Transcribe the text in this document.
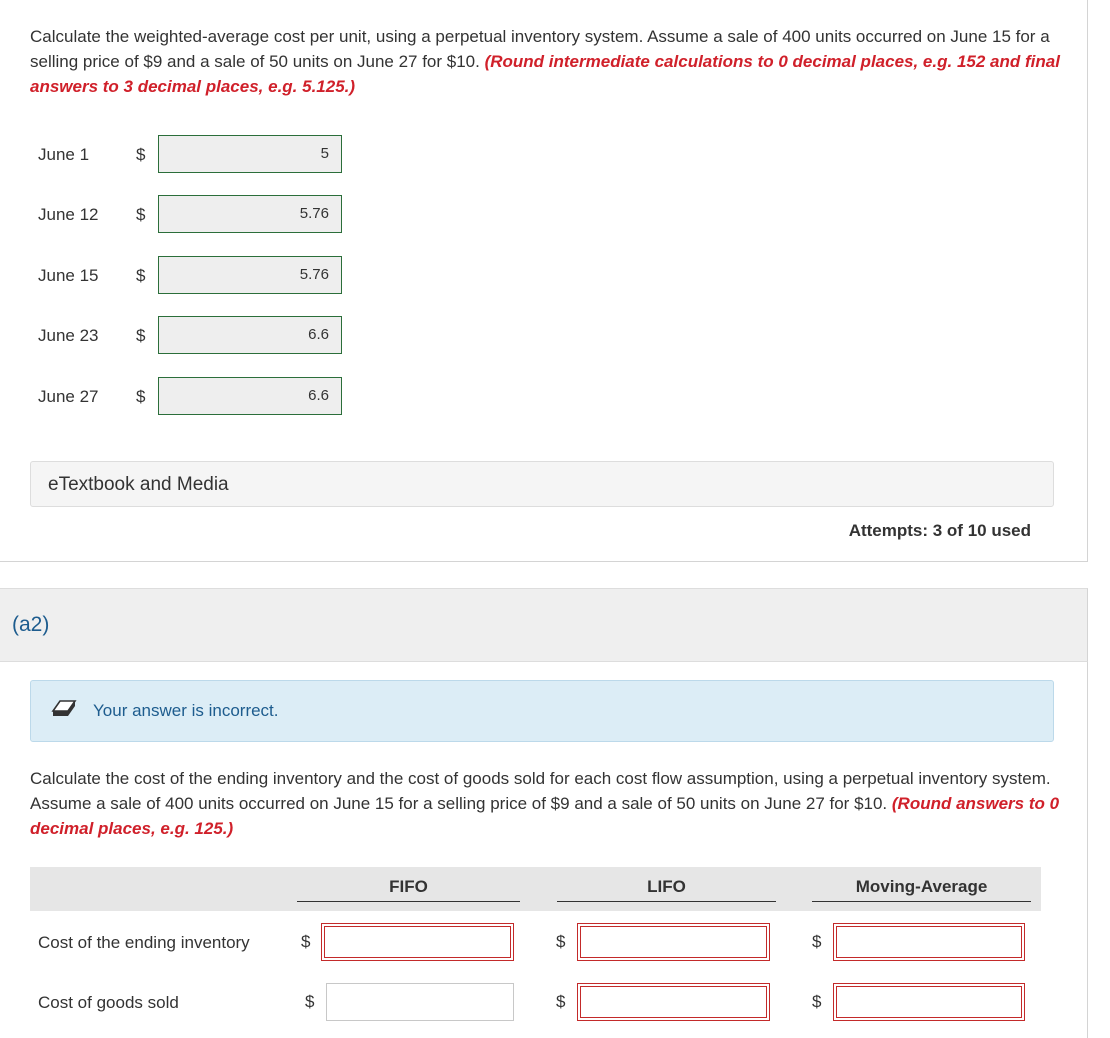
Calculate the weighted-average cost per unit, using a perpetual inventory system. Assume a sale of 400 units occurred on June 15 for a selling price of $9 and a sale of 50 units on June 27 for $10. (Round intermediate calculations to 0 decimal places, e.g. 152 and final answers to 3 decimal places, e.g. 5.125.)

June 1	$	5
June 12 $	5.76
June 15 $	5.76
June 23 $	6.6
June 27 $	6.6
eTextbook and Media
Attempts: 3 of 10 used
(a2)
Your answer is incorrect.

Calculate the cost of the ending inventory and the cost of goods sold for each cost flow assumption, using a perpetual inventory system. Assume a sale of 400 units occurred on June 15 for a selling price of $9 and a sale of 50 units on June 27 for $10. (Round answers to 0 decimal places, e.g. 125.)

FIFO	LIFO	Moving-Average
Cost of the ending inventory	$	$	$
Cost of goods sold	$	$	$
